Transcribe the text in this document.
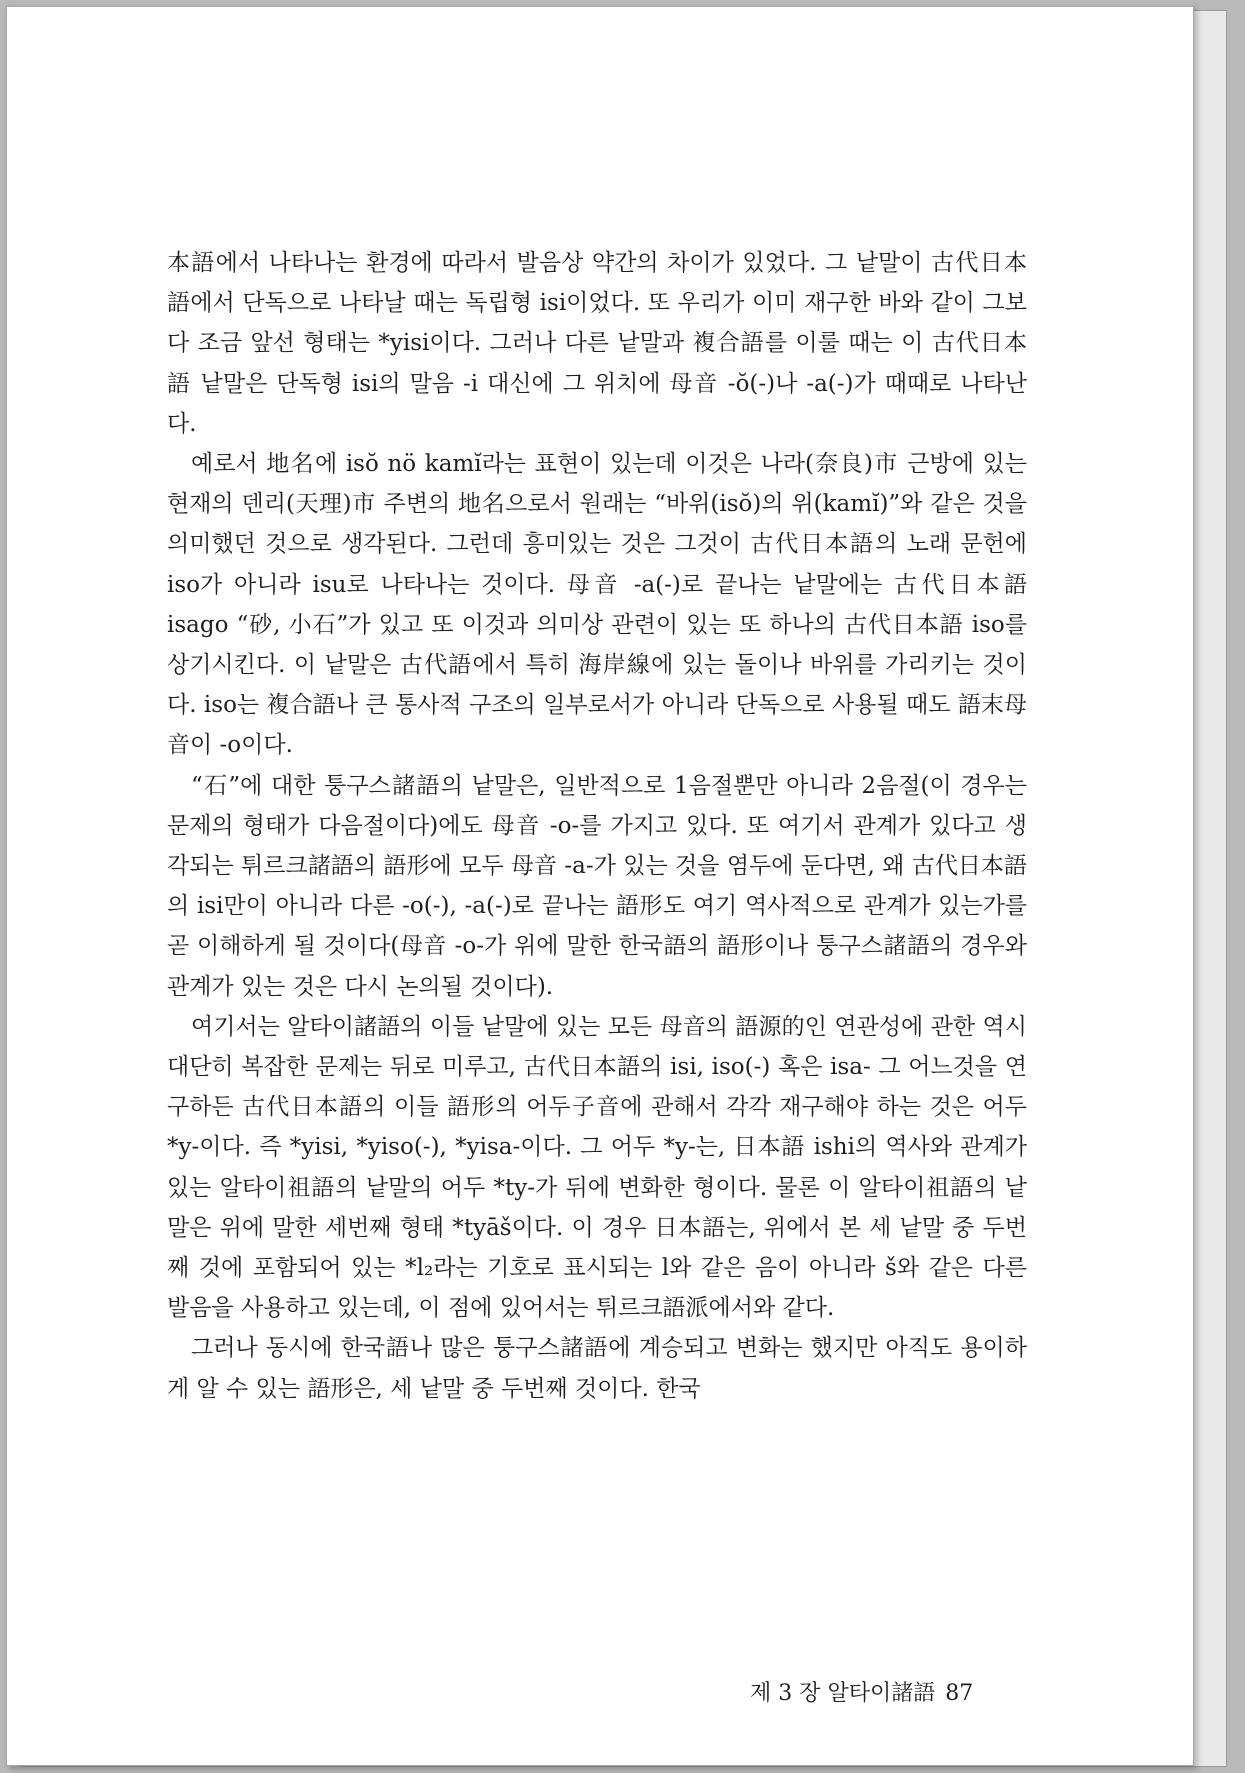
本語에서 나타나는 환경에 따라서 발음상 약간의 차이가 있었다. 그 낱말이 古代日本語에서 단독으로 나타날 때는 독립형 isi이었다. 또 우리가 이미 재구한 바와 같이 그보다 조금 앞선 형태는 *yisi이다. 그러나 다른 낱말과 複合語를 이룰 때는 이 古代日本語 낱말은 단독형 isi의 말음 -i 대신에 그 위치에 母音 -ŏ(-)나 -a(-)가 때때로 나타난다.

예로서 地名에 isŏ nö kamĭ라는 표현이 있는데 이것은 나라(奈良)市 근방에 있는 현재의 덴리(天理)市 주변의 地名으로서 원래는 “바위(isŏ)의 위(kamĭ)”와 같은 것을 의미했던 것으로 생각된다. 그런데 흥미있는 것은 그것이 古代日本語의 노래 문헌에 iso가 아니라 isu로 나타나는 것이다. 母音 -a(-)로 끝나는 낱말에는 古代日本語 isago “砂, 小石”가 있고 또 이것과 의미상 관련이 있는 또 하나의 古代日本語 iso를 상기시킨다. 이 낱말은 古代語에서 특히 海岸線에 있는 돌이나 바위를 가리키는 것이다. iso는 複合語나 큰 통사적 구조의 일부로서가 아니라 단독으로 사용될 때도 語末母音이 -o이다.

“石”에 대한 퉁구스諸語의 낱말은, 일반적으로 1음절뿐만 아니라 2음절(이 경우는 문제의 형태가 다음절이다)에도 母音 -o-를 가지고 있다. 또 여기서 관계가 있다고 생각되는 튀르크諸語의 語形에 모두 母音 -a-가 있는 것을 염두에 둔다면, 왜 古代日本語의 isi만이 아니라 다른 -o(-), -a(-)로 끝나는 語形도 여기 역사적으로 관계가 있는가를 곧 이해하게 될 것이다(母音 -o-가 위에 말한 한국語의 語形이나 퉁구스諸語의 경우와 관계가 있는 것은 다시 논의될 것이다).

여기서는 알타이諸語의 이들 낱말에 있는 모든 母音의 語源的인 연관성에 관한 역시 대단히 복잡한 문제는 뒤로 미루고, 古代日本語의 isi, iso(-) 혹은 isa- 그 어느것을 연구하든 古代日本語의 이들 語形의 어두子音에 관해서 각각 재구해야 하는 것은 어두 *y-이다. 즉 *yisi, *yiso(-), *yisa-이다. 그 어두 *y-는, 日本語 ishi의 역사와 관계가 있는 알타이祖語의 낱말의 어두 *ty-가 뒤에 변화한 형이다. 물론 이 알타이祖語의 낱말은 위에 말한 세번째 형태 *tyāš이다. 이 경우 日本語는, 위에서 본 세 낱말 중 두번째 것에 포함되어 있는 *l₂라는 기호로 표시되는 l와 같은 음이 아니라 š와 같은 다른 발음을 사용하고 있는데, 이 점에 있어서는 튀르크語派에서와 같다.

그러나 동시에 한국語나 많은 퉁구스諸語에 계승되고 변화는 했지만 아직도 용이하게 알 수 있는 語形은, 세 낱말 중 두번째 것이다. 한국

제 3 장 알타이諸語 87
